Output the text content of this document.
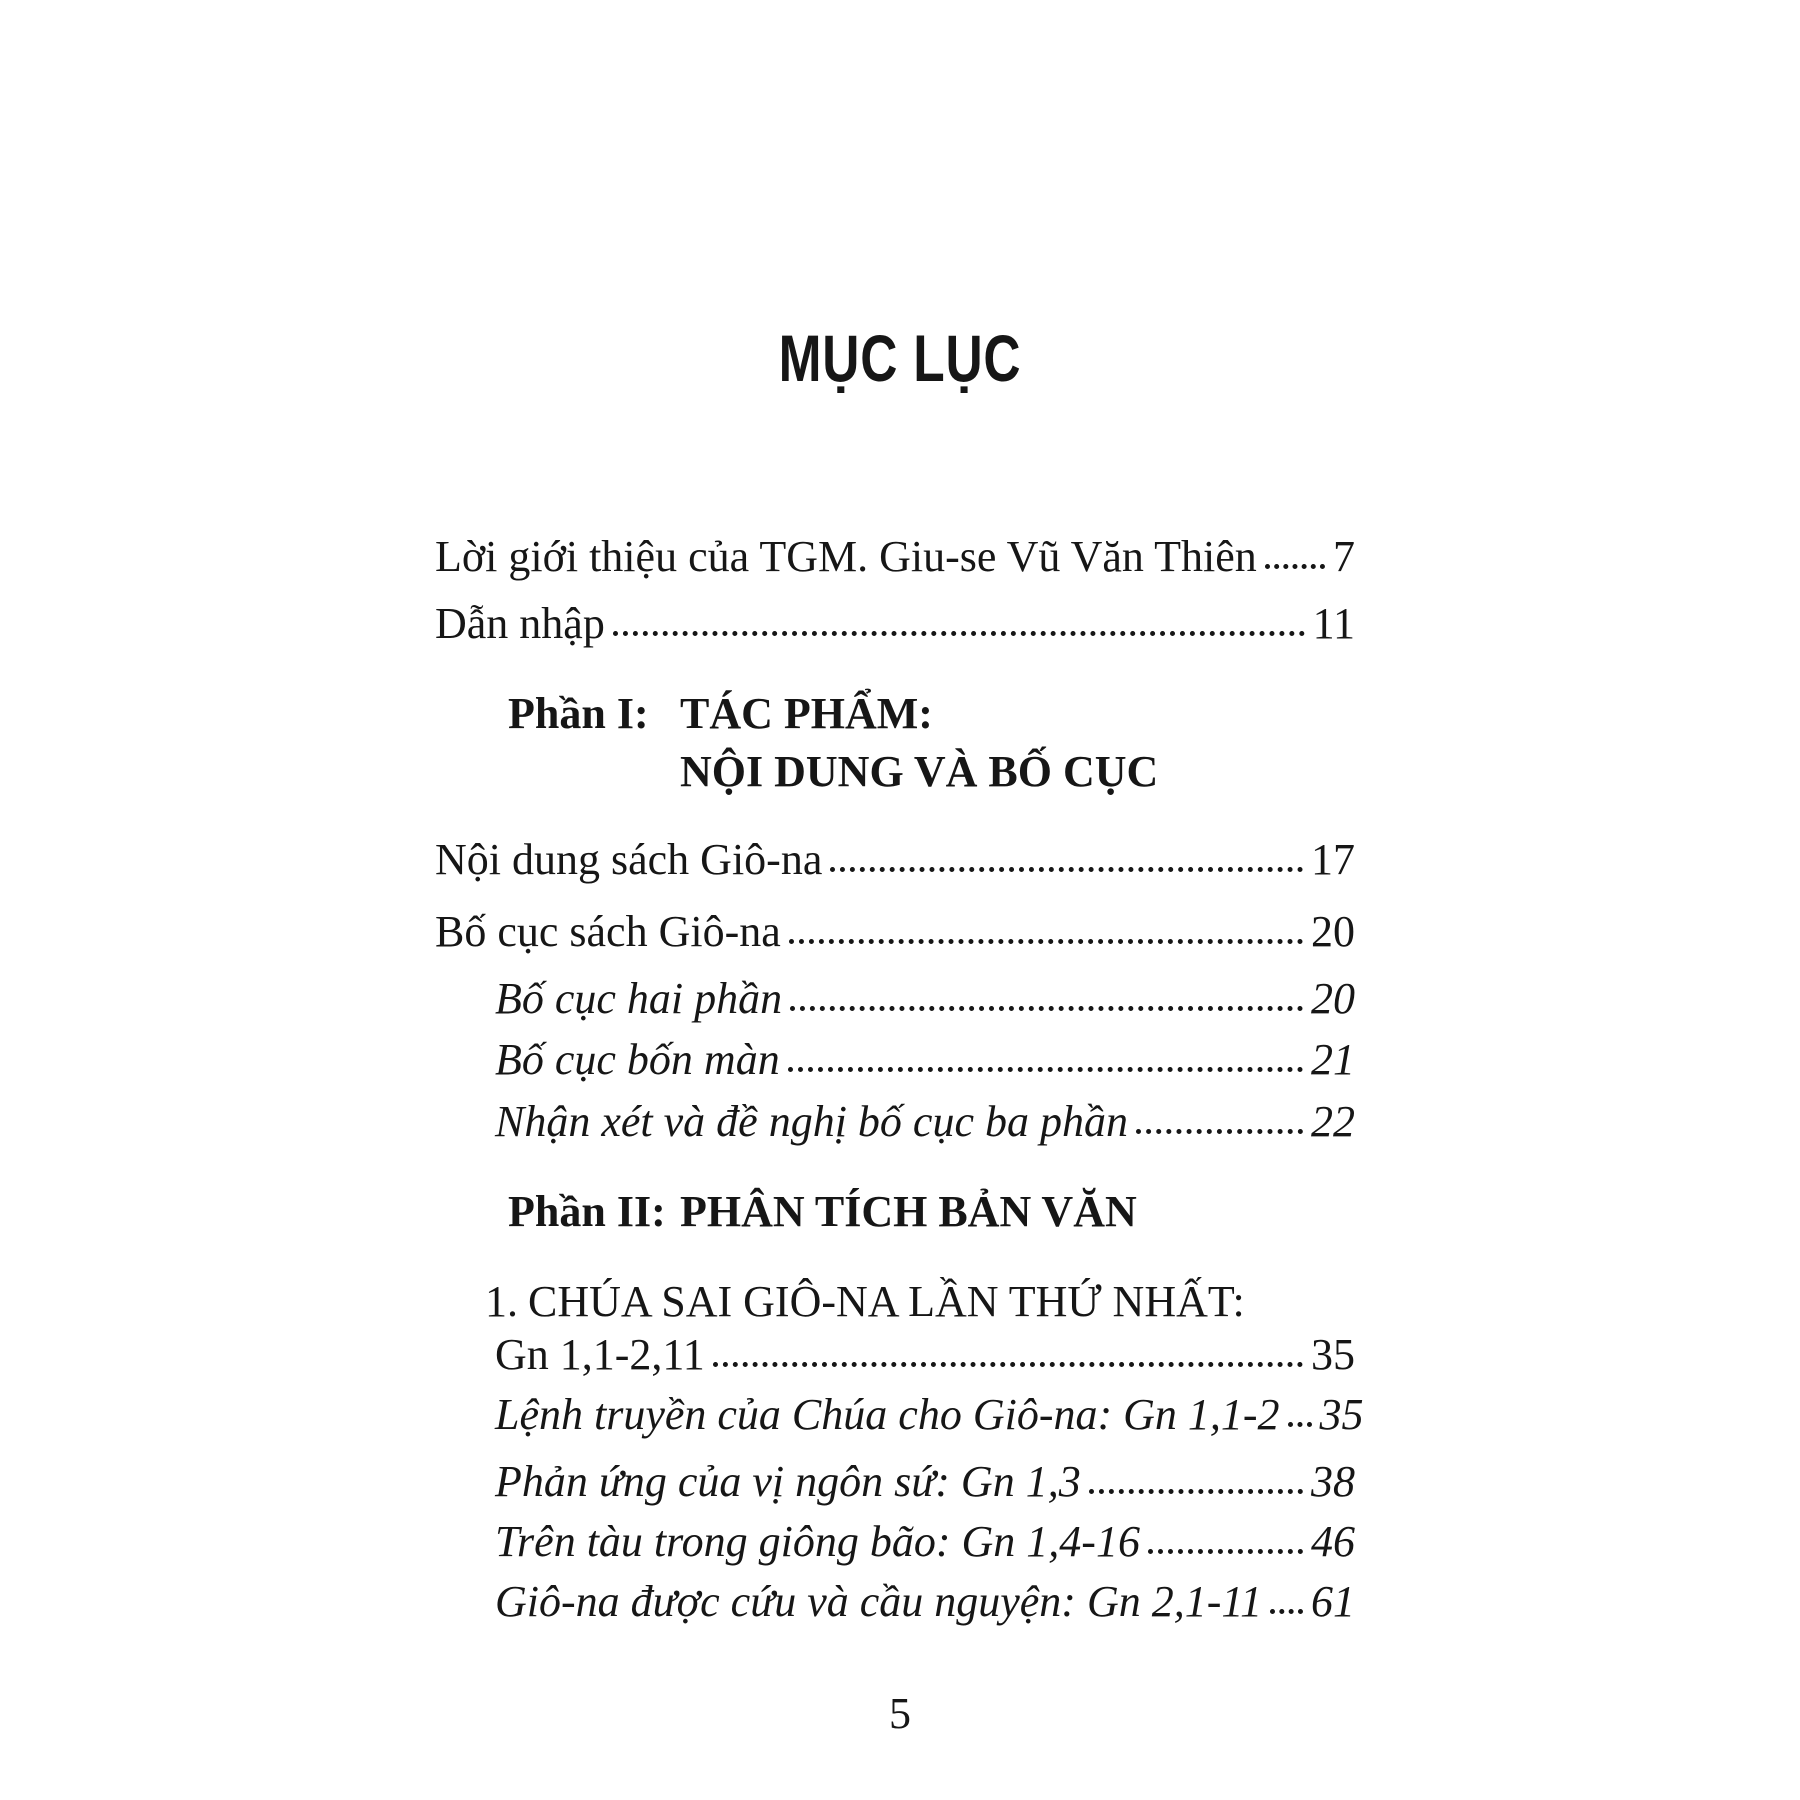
MỤC LỤC
Lời giới thiệu của TGM. Giu-se Vũ Văn Thiên 7
Dẫn nhập	11
Phần I: TÁC PHẨM:
NỘI DUNG VÀ BỐ CỤC
Nội dung sách Giô-na	17
Bố cục sách Giô-na	20
Bố cục hai phần	20
Bố cục bốn màn	21
Nhận xét và đề nghị bố cục ba phần	22
Phần II: PHÂN TÍCH BẢN VĂN
1. CHÚA SAI GIÔ-NA LẦN THỨ NHẤT:
Gn 1,1-2,11	35
Lệnh truyền của Chúa cho Giô-na: Gn 1,1-2 35
Phản ứng của vị ngôn sứ: Gn 1,3	38
Trên tàu trong giông bão: Gn 1,4-16	46
Giô-na được cứu và cầu nguyện: Gn 2,1-11 61
5
